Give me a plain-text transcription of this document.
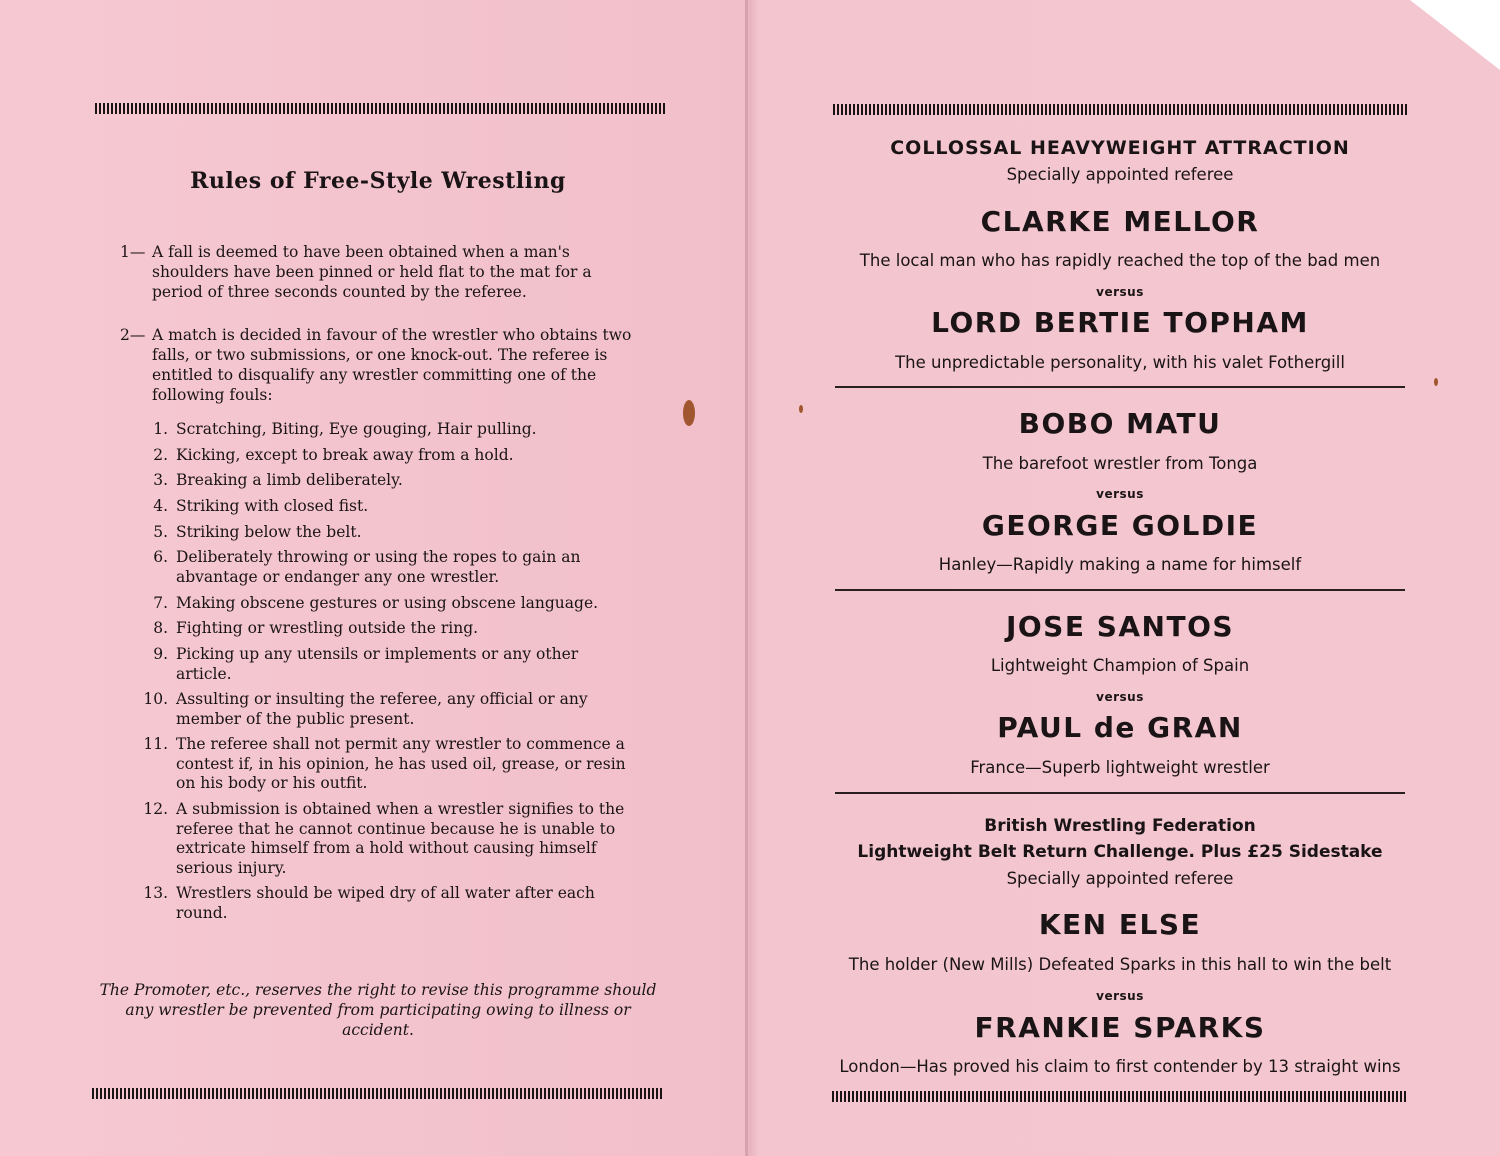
Rules of Free-Style Wrestling
1— A fall is deemed to have been obtained when a man's shoulders have been pinned or held flat to the mat for a period of three seconds counted by the referee.
2— A match is decided in favour of the wrestler who obtains two falls, or two submissions, or one knock-out. The referee is entitled to disqualify any wrestler committing one of the following fouls:
1. Scratching, Biting, Eye gouging, Hair pulling.
2. Kicking, except to break away from a hold.
3. Breaking a limb deliberately.
4. Striking with closed fist.
5. Striking below the belt.
6. Deliberately throwing or using the ropes to gain an abvantage or endanger any one wrestler.
7. Making obscene gestures or using obscene language.
8. Fighting or wrestling outside the ring.
9. Picking up any utensils or implements or any other article.
10. Assulting or insulting the referee, any official or any member of the public present.
11. The referee shall not permit any wrestler to commence a contest if, in his opinion, he has used oil, grease, or resin on his body or his outfit.
12. A submission is obtained when a wrestler signifies to the referee that he cannot continue because he is unable to extricate himself from a hold without causing himself serious injury.
13. Wrestlers should be wiped dry of all water after each round.
The Promoter, etc., reserves the right to revise this programme should any wrestler be prevented from participating owing to illness or accident.
COLLOSSAL HEAVYWEIGHT ATTRACTION
Specially appointed referee
CLARKE MELLOR
The local man who has rapidly reached the top of the bad men
versus
LORD BERTIE TOPHAM
The unpredictable personality, with his valet Fothergill
BOBO MATU
The barefoot wrestler from Tonga
versus
GEORGE GOLDIE
Hanley—Rapidly making a name for himself
JOSE SANTOS
Lightweight Champion of Spain
versus
PAUL de GRAN
France—Superb lightweight wrestler
British Wrestling Federation
Lightweight Belt Return Challenge. Plus £25 Sidestake
Specially appointed referee
KEN ELSE
The holder (New Mills) Defeated Sparks in this hall to win the belt
versus
FRANKIE SPARKS
London—Has proved his claim to first contender by 13 straight wins
